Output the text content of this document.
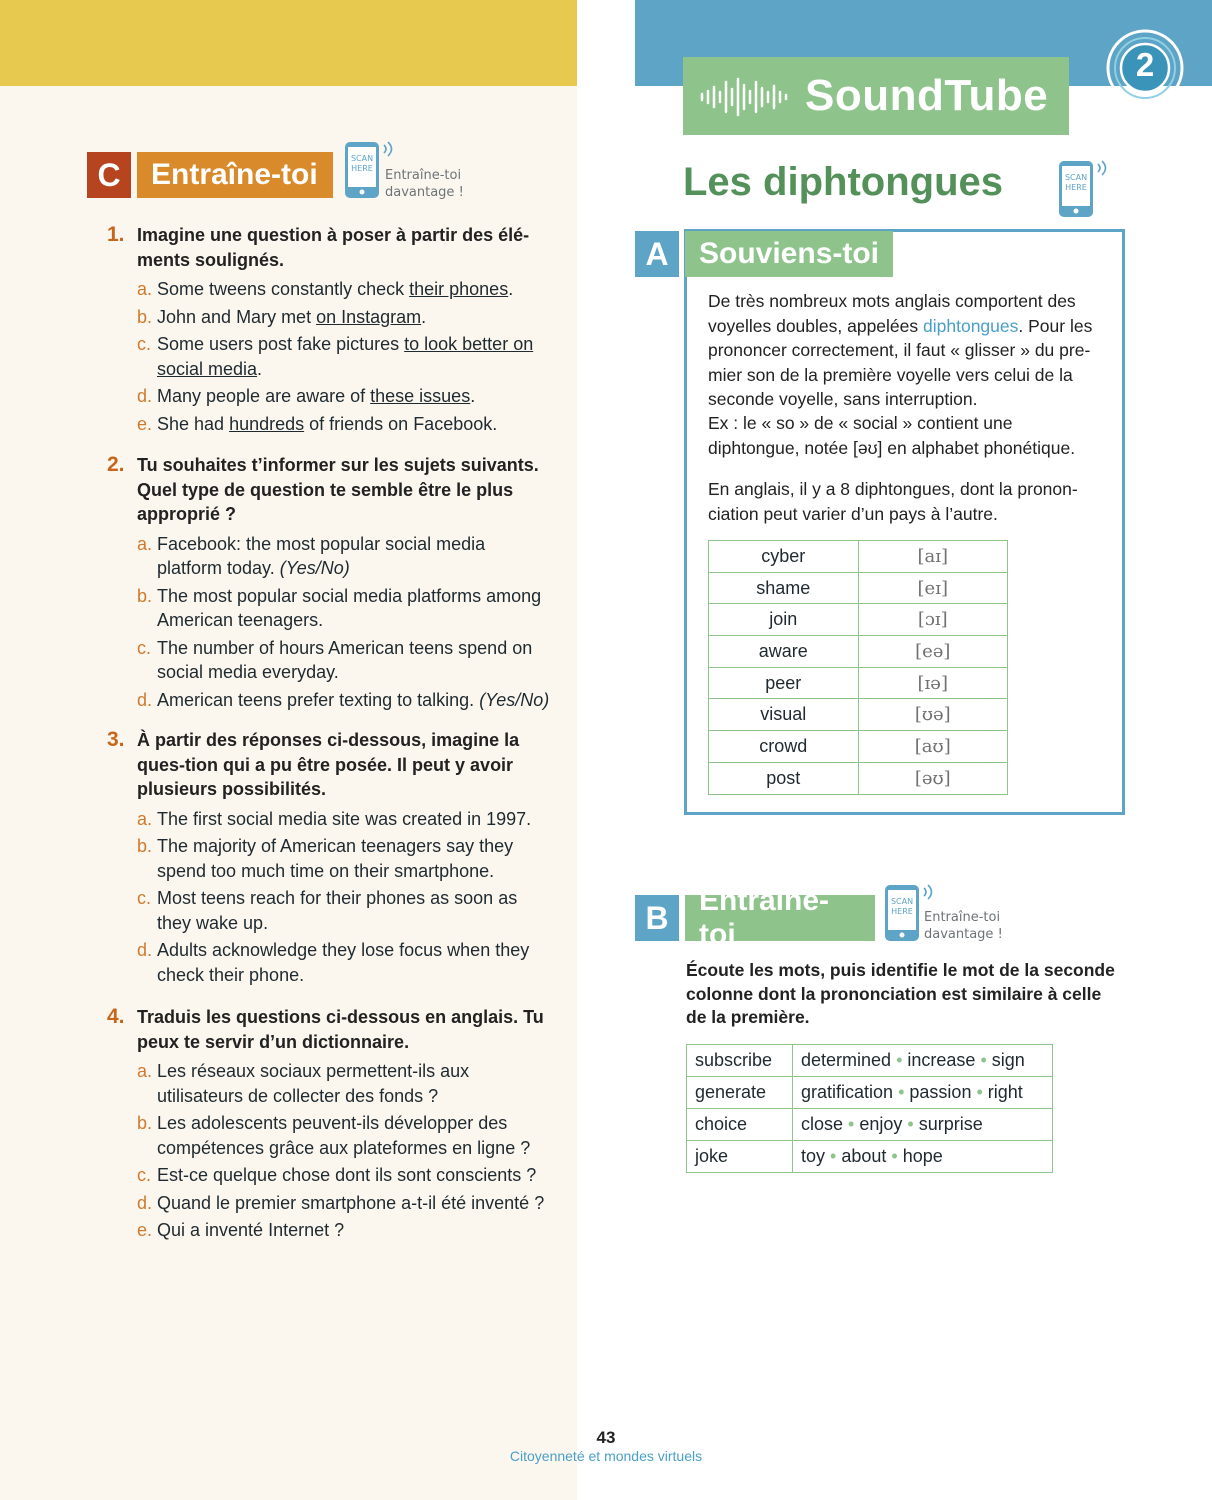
SoundTube
2
C	Entraîne-toi	SCAN
HERE Entraîne-toi
davantage !
1. Imagine une question à poser à partir des élé-ments soulignés.
a. Some tweens constantly check their phones.
b. John and Mary met on Instagram.
c. Some users post fake pictures to look better on social media.
d. Many people are aware of these issues.
e. She had hundreds of friends on Facebook.
2. Tu souhaites t’informer sur les sujets suivants. Quel type de question te semble être le plus approprié ?
a. Facebook: the most popular social media platform today. (Yes/No)
b. The most popular social media platforms among American teenagers.
c. The number of hours American teens spend on social media everyday.
d. American teens prefer texting to talking. (Yes/No)
3. À partir des réponses ci-dessous, imagine la ques-tion qui a pu être posée. Il peut y avoir plusieurs possibilités.
a. The first social media site was created in 1997.
b. The majority of American teenagers say they spend too much time on their smartphone.
c. Most teens reach for their phones as soon as they wake up.
d. Adults acknowledge they lose focus when they check their phone.
4. Traduis les questions ci-dessous en anglais. Tu peux te servir d’un dictionnaire.
a. Les réseaux sociaux permettent-ils aux utilisateurs de collecter des fonds ?
b. Les adolescents peuvent-ils développer des compétences grâce aux plateformes en ligne ?
c. Est-ce quelque chose dont ils sont conscients ?
d. Quand le premier smartphone a-t-il été inventé ?
e. Qui a inventé Internet ?
Les diphtongues	SCAN
HERE
A	Souviens-toi
De très nombreux mots anglais comportent des voyelles doubles, appelées diphtongues. Pour les prononcer correctement, il faut « glisser » du pre-mier son de la première voyelle vers celui de la seconde voyelle, sans interruption.
Ex : le « so » de « social » contient une diphtongue, notée [əʊ] en alphabet phonétique.
En anglais, il y a 8 diphtongues, dont la pronon-ciation peut varier d’un pays à l’autre.
cyber	[aɪ]
shame	[eɪ]
join	[ɔɪ]
aware	[eə]
peer	[ɪə]
visual	[ʊə]
crowd	[aʊ]
post	[əʊ]
B	Entraîne-toi
SCAN
HERE Entraîne-toi
davantage !
Écoute les mots, puis identifie le mot de la seconde colonne dont la prononciation est similaire à celle de la première.
subscribe	determined • increase • sign
generate	gratification • passion • right
choice	close • enjoy • surprise
joke	toy • about • hope
43
Citoyenneté et mondes virtuels
